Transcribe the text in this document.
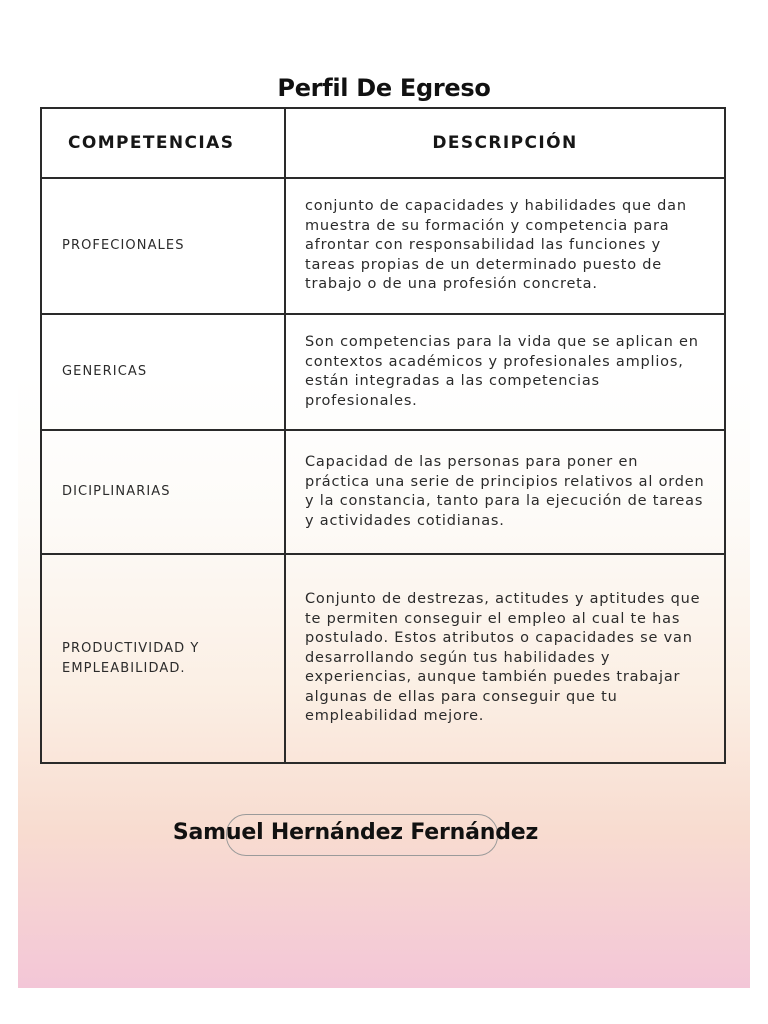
Perfil De Egreso
COMPETENCIAS	DESCRIPCIÓN
PROFECIONALES	conjunto de capacidades y habilidades que dan muestra de su formación y competencia para afrontar con responsabilidad las funciones y tareas propias de un determinado puesto de trabajo o de una profesión concreta.
GENERICAS	Son competencias para la vida que se aplican en contextos académicos y profesionales amplios, están integradas a las competencias profesionales.
DICIPLINARIAS	Capacidad de las personas para poner en práctica una serie de principios relativos al orden y la constancia, tanto para la ejecución de tareas y actividades cotidianas.
PRODUCTIVIDAD Y EMPLEABILIDAD.	Conjunto de destrezas, actitudes y aptitudes que te permiten conseguir el empleo al cual te has postulado. Estos atributos o capacidades se van desarrollando según tus habilidades y experiencias, aunque también puedes trabajar algunas de ellas para conseguir que tu empleabilidad mejore.
Samuel Hernández Fernández
